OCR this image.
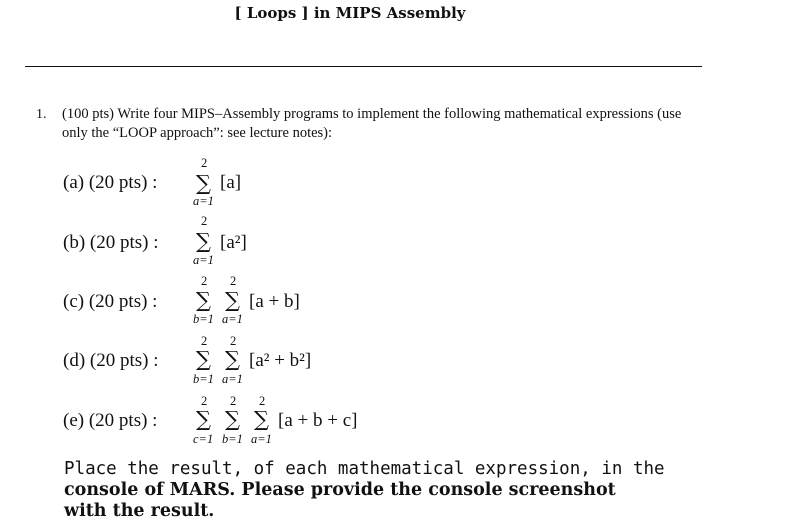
[ Loops ] in MIPS Assembly
1. (100 pts) Write four MIPS–Assembly programs to implement the following mathematical expressions (use only the “LOOP approach”: see lecture notes):
(a) (20 pts) :
2
∑
a=1
[a]
(b) (20 pts) :
2
∑
a=1
[a²]
(c) (20 pts) :
2
∑
b=1
2
∑
a=1
[a + b]
(d) (20 pts) :
2
∑
b=1
2
∑
a=1
[a² + b²]
(e) (20 pts) :
2
∑
c=1
2
∑
b=1
2
∑
a=1
[a + b + c]
Place the result, of each mathematical expression, in the
console of MARS. Please provide the console screenshot
with the result.
